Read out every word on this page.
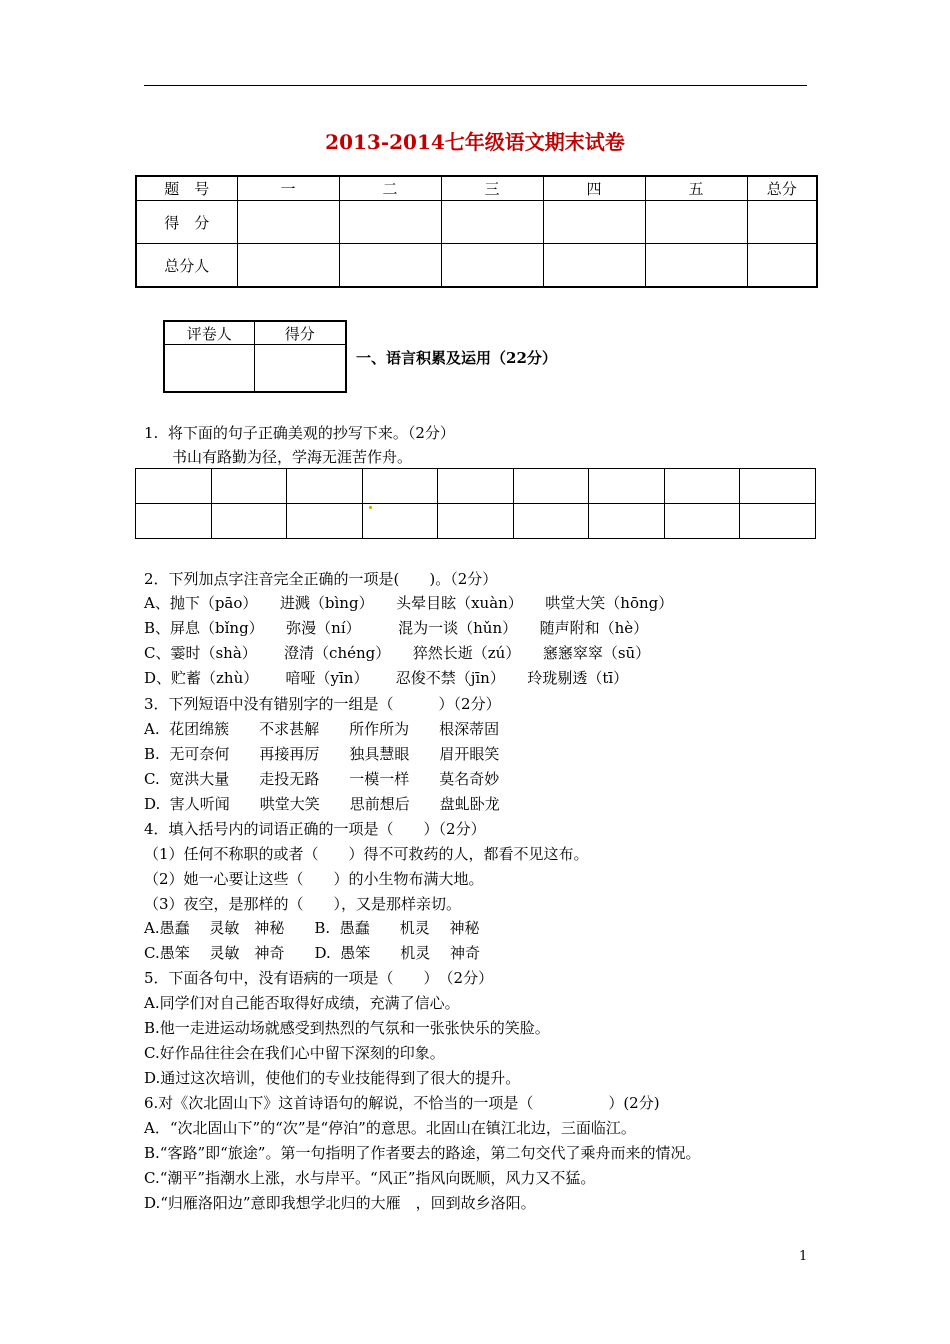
2013-2014七年级语文期末试卷
题　号	一	二	三	四	五	总分
得　分						
总分人						
评卷人	得分

一、语言积累及运用（22分）
1.  将下面的句子正确美观的抄写下来。（2分）
书山有路勤为径，学海无涯苦作舟。

2．下列加点字注音完全正确的一项是(　　)。（2分）
A、抛下（pāo）　　进溅（bìng）　　头晕目眩（xuàn）　　哄堂大笑（hōng）
B、屏息（bǐng）　　弥漫（ní）　　　混为一谈（hǔn）　　随声附和（hè）
C、霎时（shà）　　 澄清（chéng）　　猝然长逝（zú）　　窸窸窣窣（sū）
D、贮蓄（zhù）　　 喑哑（yīn）　　 忍俊不禁（jīn）　　玲珑剔透（tī）
3．下列短语中没有错别字的一组是（　　　）（2分）
A.  花团绵簇　　不求甚解　　所作所为　　根深蒂固
B.  无可奈何　　再接再厉　　独具慧眼　　眉开眼笑
C.  宽洪大量　　走投无路　　一模一样　　莫名奇妙
D.  害人听闻　　哄堂大笑　　思前想后　　盘虬卧龙
4．填入括号内的词语正确的一项是（　　）（2分）
（1）任何不称职的或者（　　）得不可救药的人，都看不见这布。
（2）她一心要让这些（　　）的小生物布满大地。
（3）夜空，是那样的（　　），又是那样亲切。
A.愚蠢　 灵敏　神秘　　B.  愚蠢　　机灵　 神秘
C.愚笨　 灵敏　神奇　　D.  愚笨　　机灵　 神奇
5．下面各句中，没有语病的一项是（　　）　（2分）
A.同学们对自己能否取得好成绩，充满了信心。
B.他一走进运动场就感受到热烈的气氛和一张张快乐的笑脸。
C.好作品往往会在我们心中留下深刻的印象。
D.通过这次培训，使他们的专业技能得到了很大的提升。
6.对《次北固山下》这首诗语句的解说，不恰当的一项是（　　　　　）(2分)
A．“次北固山下”的“次”是“停泊”的意思。北固山在镇江北边，三面临江。
B.“客路”即“旅途”。第一句指明了作者要去的路途，第二句交代了乘舟而来的情况。
C.“潮平”指潮水上涨，水与岸平。“风正”指风向既顺，风力又不猛。
D.“归雁洛阳边”意即我想学北归的大雁　，回到故乡洛阳。
1
